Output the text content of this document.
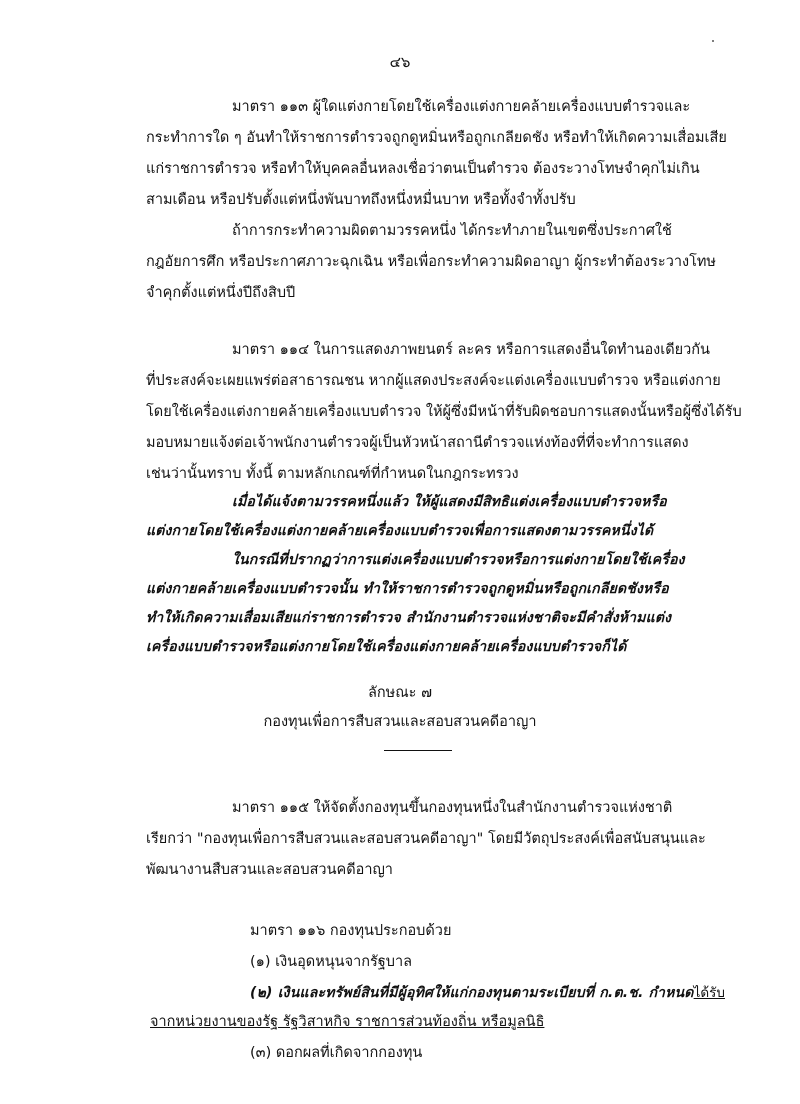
๔๖
มาตรา ๑๑๓ ผู้ใดแต่งกายโดยใช้เครื่องแต่งกายคล้ายเครื่องแบบตำรวจและ
กระทำการใด ๆ อันทำให้ราชการตำรวจถูกดูหมิ่นหรือถูกเกลียดชัง หรือทำให้เกิดความเสื่อมเสีย
แก่ราชการตำรวจ หรือทำให้บุคคลอื่นหลงเชื่อว่าตนเป็นตำรวจ ต้องระวางโทษจำคุกไม่เกิน
สามเดือน หรือปรับตั้งแต่หนึ่งพันบาทถึงหนึ่งหมื่นบาท หรือทั้งจำทั้งปรับ
ถ้าการกระทำความผิดตามวรรคหนึ่ง ได้กระทำภายในเขตซึ่งประกาศใช้
กฎอัยการศึก หรือประกาศภาวะฉุกเฉิน หรือเพื่อกระทำความผิดอาญา ผู้กระทำต้องระวางโทษ
จำคุกตั้งแต่หนึ่งปีถึงสิบปี
มาตรา ๑๑๔ ในการแสดงภาพยนตร์ ละคร หรือการแสดงอื่นใดทำนองเดียวกัน
ที่ประสงค์จะเผยแพร่ต่อสาธารณชน หากผู้แสดงประสงค์จะแต่งเครื่องแบบตำรวจ หรือแต่งกาย
โดยใช้เครื่องแต่งกายคล้ายเครื่องแบบตำรวจ ให้ผู้ซึ่งมีหน้าที่รับผิดชอบการแสดงนั้นหรือผู้ซึ่งได้รับ
มอบหมายแจ้งต่อเจ้าพนักงานตำรวจผู้เป็นหัวหน้าสถานีตำรวจแห่งท้องที่ที่จะทำการแสดง
เช่นว่านั้นทราบ ทั้งนี้ ตามหลักเกณฑ์ที่กำหนดในกฎกระทรวง
เมื่อได้แจ้งตามวรรคหนึ่งแล้ว ให้ผู้แสดงมีสิทธิแต่งเครื่องแบบตำรวจหรือ
แต่งกายโดยใช้เครื่องแต่งกายคล้ายเครื่องแบบตำรวจเพื่อการแสดงตามวรรคหนึ่งได้
ในกรณีที่ปรากฏว่าการแต่งเครื่องแบบตำรวจหรือการแต่งกายโดยใช้เครื่อง
แต่งกายคล้ายเครื่องแบบตำรวจนั้น ทำให้ราชการตำรวจถูกดูหมิ่นหรือถูกเกลียดชังหรือ
ทำให้เกิดความเสื่อมเสียแก่ราชการตำรวจ สำนักงานตำรวจแห่งชาติจะมีคำสั่งห้ามแต่ง
เครื่องแบบตำรวจหรือแต่งกายโดยใช้เครื่องแต่งกายคล้ายเครื่องแบบตำรวจก็ได้
ลักษณะ ๗
กองทุนเพื่อการสืบสวนและสอบสวนคดีอาญา
มาตรา ๑๑๕ ให้จัดตั้งกองทุนขึ้นกองทุนหนึ่งในสำนักงานตำรวจแห่งชาติ
เรียกว่า "กองทุนเพื่อการสืบสวนและสอบสวนคดีอาญา" โดยมีวัตถุประสงค์เพื่อสนับสนุนและ
พัฒนางานสืบสวนและสอบสวนคดีอาญา
มาตรา ๑๑๖ กองทุนประกอบด้วย
(๑) เงินอุดหนุนจากรัฐบาล
(๒) เงินและทรัพย์สินที่มีผู้อุทิศให้แก่กองทุนตามระเบียบที่ ก.ต.ช. กำหนดได้รับ
จากหน่วยงานของรัฐ รัฐวิสาหกิจ ราชการส่วนท้องถิ่น หรือมูลนิธิ
(๓) ดอกผลที่เกิดจากกองทุน
